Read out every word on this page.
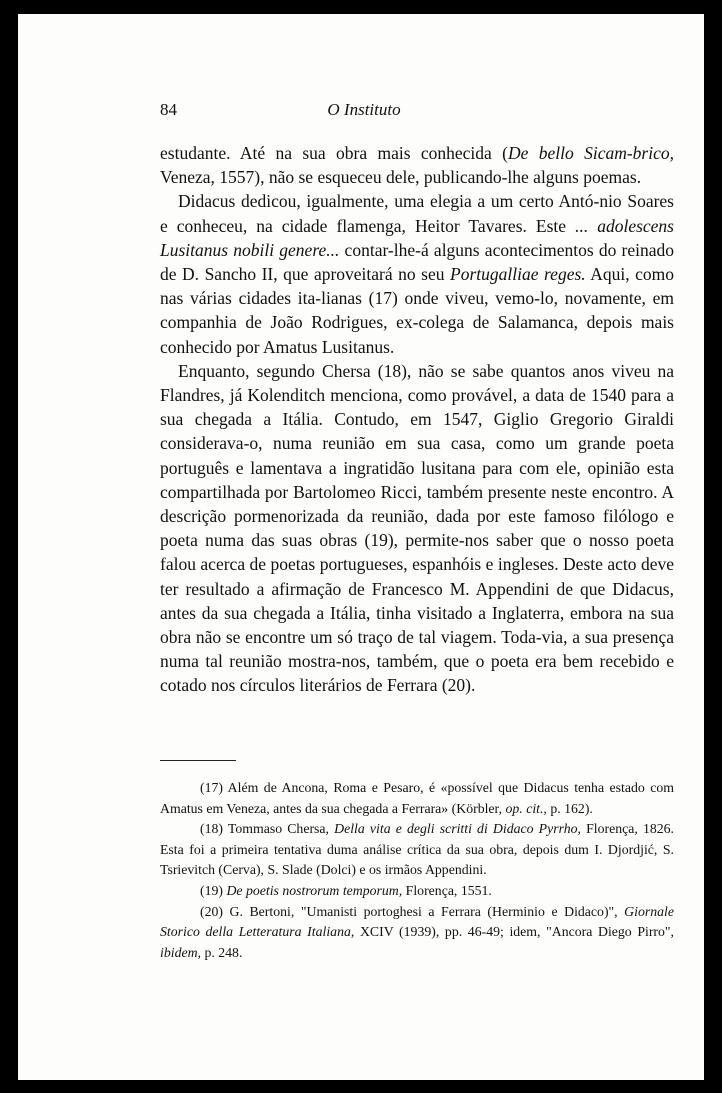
84	O Instituto

estudante. Até na sua obra mais conhecida (De bello Sicam-brico, Veneza, 1557), não se esqueceu dele, publicando-lhe alguns poemas.

Didacus dedicou, igualmente, uma elegia a um certo Antó-nio Soares e conheceu, na cidade flamenga, Heitor Tavares. Este ... adolescens Lusitanus nobili genere... contar-lhe-á alguns acontecimentos do reinado de D. Sancho II, que aproveitará no seu Portugalliae reges. Aqui, como nas várias cidades ita-lianas (17) onde viveu, vemo-lo, novamente, em companhia de João Rodrigues, ex-colega de Salamanca, depois mais conhecido por Amatus Lusitanus.

Enquanto, segundo Chersa (18), não se sabe quantos anos viveu na Flandres, já Kolenditch menciona, como provável, a data de 1540 para a sua chegada a Itália. Contudo, em 1547, Giglio Gregorio Giraldi considerava-o, numa reunião em sua casa, como um grande poeta português e lamentava a ingratidão lusitana para com ele, opinião esta compartilhada por Bartolomeo Ricci, também presente neste encontro. A descrição pormenorizada da reunião, dada por este famoso filólogo e poeta numa das suas obras (19), permite-nos saber que o nosso poeta falou acerca de poetas portugueses, espanhóis e ingleses. Deste acto deve ter resultado a afirmação de Francesco M. Appendini de que Didacus, antes da sua chegada a Itália, tinha visitado a Inglaterra, embora na sua obra não se encontre um só traço de tal viagem. Toda-via, a sua presença numa tal reunião mostra-nos, também, que o poeta era bem recebido e cotado nos círculos literários de Ferrara (20).

(17) Além de Ancona, Roma e Pesaro, é «possível que Didacus tenha estado com Amatus em Veneza, antes da sua chegada a Ferrara» (Körbler, op. cit., p. 162).

(18) Tommaso Chersa, Della vita e degli scritti di Didaco Pyrrho, Florença, 1826. Esta foi a primeira tentativa duma análise crítica da sua obra, depois dum I. Djordjić, S. Tsrievitch (Cerva), S. Slade (Dolci) e os irmãos Appendini.

(19) De poetis nostrorum temporum, Florença, 1551.

(20) G. Bertoni, "Umanisti portoghesi a Ferrara (Herminio e Didaco)", Giornale Storico della Letteratura Italiana, XCIV (1939), pp. 46-49; idem, "Ancora Diego Pirro", ibidem, p. 248.
